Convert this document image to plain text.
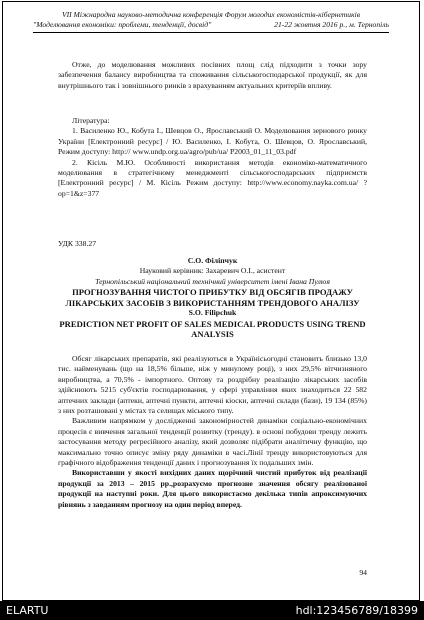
VII Міжнародна науково-методична конференція Форум молодих економістів-кібернетиків
"Моделювання економіки: проблеми, тенденції, досвід"	21-22 жовтня 2016 р., м. Тернопіль

Отже, до моделювання можливих посівних площ слід підходити з точки зору забезпечення балансу виробництва та споживання сільськогосподарської продукції, як для внутрішнього так і зовнішнього ринків з врахуванням актуальних критеріїв впливу.

Література:

1. Василенко Ю., Кобута І., Шевцов О., Ярославський О. Моделювання зернового ринку України [Електронний ресурс] / Ю. Василенко, І. Кобута, О. Шевцов, О. Ярославський, Режим доступу: http:// www.undp.org.ua/agro/pub/ua/ P2003_01_11_03.pdf

2. Кісіль М.Ю. Особливості використання методів економіко-математичного моделювання в стратегічному менеджменті сільськогосподарських підприємств [Електронний ресурс] / М. Кісіль Режим доступу: http://www.economy.nayka.com.ua/ ?op=1&z=377

УДК 338.27
С.О. Філіпчук
Науковий керівник: Захаревич О.І., асистент
Тернопільський національний технічний університет імені Івана Пулюя
ПРОГНОЗУВАННЯ ЧИСТОГО ПРИБУТКУ ВІД ОБСЯГІВ ПРОДАЖУ ЛІКАРСЬКИХ ЗАСОБІВ З ВИКОРИСТАННЯМ ТРЕНДОВОГО АНАЛІЗУ
S.O. Filipchuk
PREDICTION NET PROFIT OF SALES MEDICAL PRODUCTS USING TREND ANALYSIS

Обсяг лікарських препаратів, які реалізуються в Українісьогодні становить близько 13,0 тис. найменувань (що на 18,5% більше, ніж у минулому році), з них 29,5% вітчизняного виробництва, а 70,5% - імпортного. Оптову та роздрібну реалізацію лікарських засобів здійснюють 5215 суб'єктів господарювання, у сфері управління яких знаходиться 22 582 аптечних заклади (аптеки, аптечні пункти, аптечні кіоски, аптечні склади (бази), 19 134 (85%) з них розташовані у містах та селищах міського типу.

Важливим напрямком у дослідженні закономірностей динаміки соціально-економічних процесів є вивчення загальної тенденції розвитку (тренду). в основі побудови тренду лежить застосування методу регресійного аналізу, який дозволяє підібрати аналітичну функцію, що максимально точно описує зміну ряду динаміки в часі.Лінії тренду використовуються для графічного відображення тенденції даних і прогнозування їх подальших змін.

Використавши у якості вихідних даних щорічний чистий прибуток від реалізації продукції за 2013 – 2015 рр.,розрахуємо прогнозне значення обсягу реалізованої продукції на наступні роки. Для цього використаємо декілька типів апроксимуючих рівнянь з завданням прогнозу на один період вперед.

94
ELARTU	hdl:123456789/18399
